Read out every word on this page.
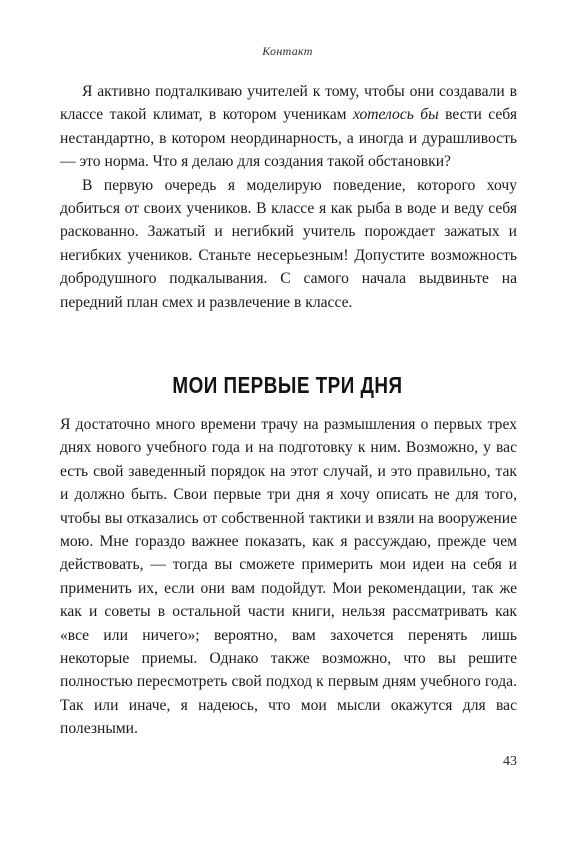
Контакт

Я активно подталкиваю учителей к тому, чтобы они создавали в классе такой климат, в котором ученикам хотелось бы вести себя нестандартно, в котором неординарность, а иногда и дурашливость — это норма. Что я делаю для создания такой обстановки?

В первую очередь я моделирую поведение, которого хочу добиться от своих учеников. В классе я как рыба в воде и веду себя раскованно. Зажатый и негибкий учитель порождает зажатых и негибких учеников. Станьте несерьезным! Допустите возможность добродушного подкалывания. С самого начала выдвиньте на передний план смех и развлечение в классе.

МОИ ПЕРВЫЕ ТРИ ДНЯ

Я достаточно много времени трачу на размышления о первых трех днях нового учебного года и на подготовку к ним. Возможно, у вас есть свой заведенный порядок на этот случай, и это правильно, так и должно быть. Свои первые три дня я хочу описать не для того, чтобы вы отказались от собственной тактики и взяли на вооружение мою. Мне гораздо важнее показать, как я рассуждаю, прежде чем действовать, — тогда вы сможете примерить мои идеи на себя и применить их, если они вам подойдут. Мои рекомендации, так же как и советы в остальной части книги, нельзя рассматривать как «все или ничего»; вероятно, вам захочется перенять лишь некоторые приемы. Однако также возможно, что вы решите полностью пересмотреть свой подход к первым дням учебного года. Так или иначе, я надеюсь, что мои мысли окажутся для вас полезными.

43
